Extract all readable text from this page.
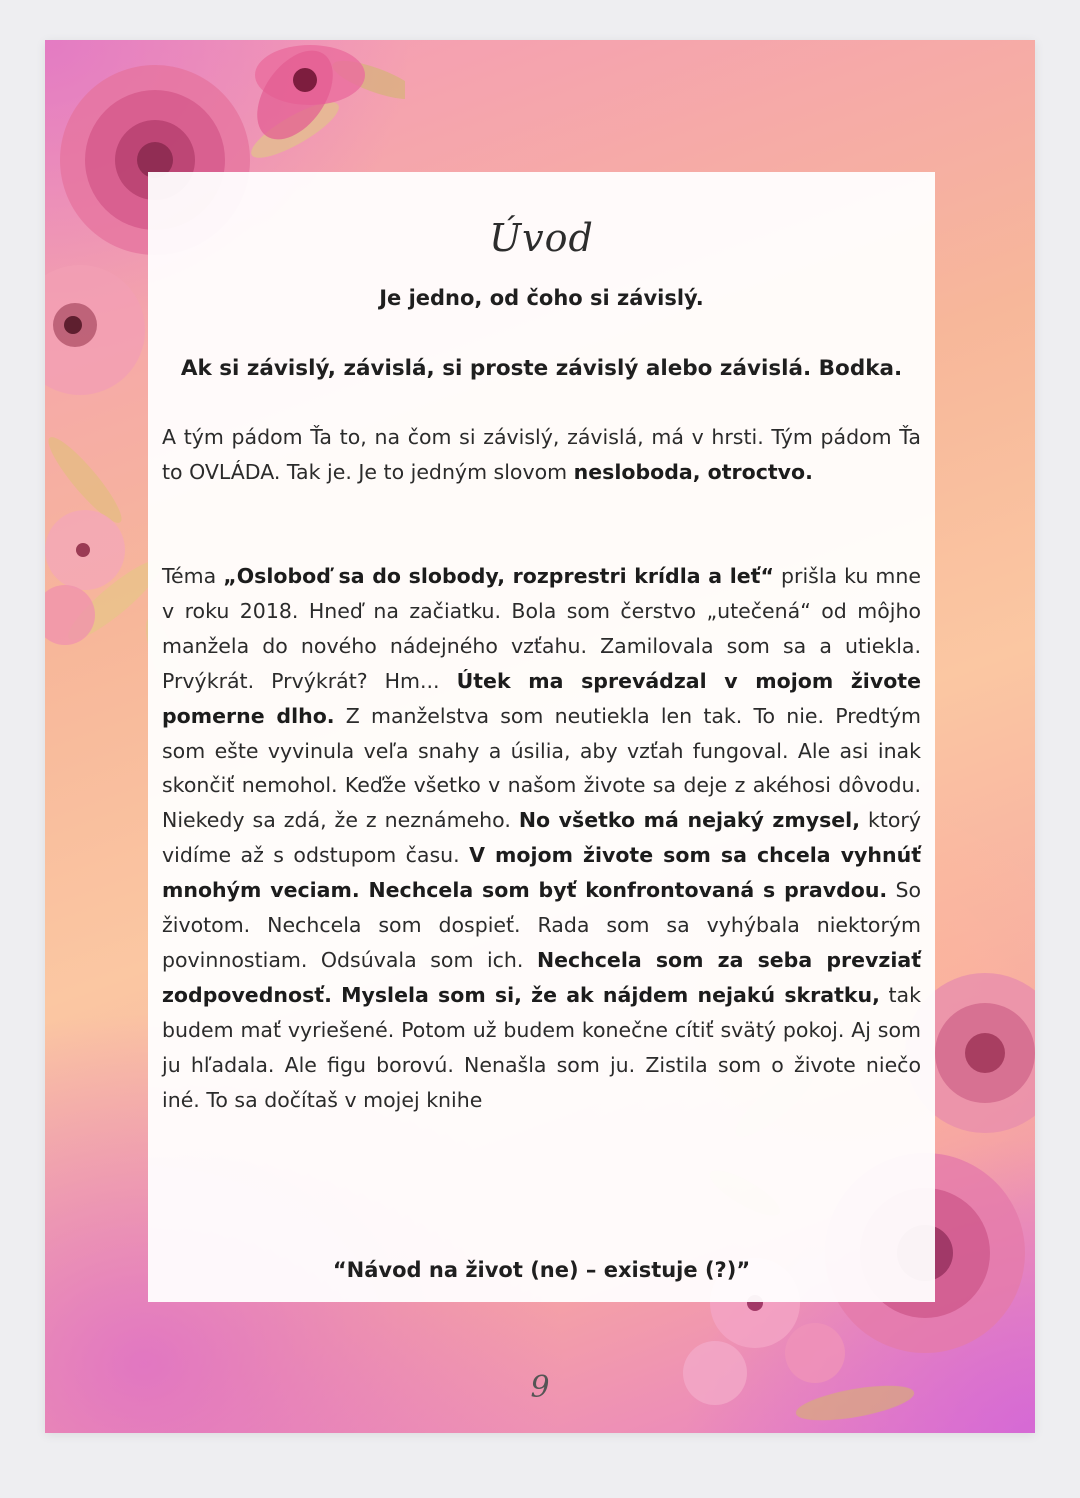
Úvod
Je jedno, od čoho si závislý.
Ak si závislý, závislá, si proste závislý alebo závislá. Bodka.
A tým pádom Ťa to, na čom si závislý, závislá, má v hrsti. Tým pádom Ťa to OVLÁDA. Tak je. Je to jedným slovom nesloboda, otroctvo.
Téma „Osloboď sa do slobody, rozprestri krídla a leť“ prišla ku mne v roku 2018. Hneď na začiatku. Bola som čerstvo „utečená“ od môjho manžela do nového nádejného vzťahu. Zamilovala som sa a utiekla. Prvýkrát. Prvýkrát? Hm... Útek ma sprevádzal v mojom živote pomerne dlho. Z manželstva som neutiekla len tak. To nie. Predtým som ešte vyvinula veľa snahy a úsilia, aby vzťah fungoval. Ale asi inak skončiť nemohol. Keďže všetko v našom živote sa deje z akéhosi dôvodu. Niekedy sa zdá, že z neznámeho. No všetko má nejaký zmysel, ktorý vidíme až s odstupom času. V mojom živote som sa chcela vyhnúť mnohým veciam. Nechcela som byť konfrontovaná s pravdou. So životom. Nechcela som dospieť. Rada som sa vyhýbala niektorým povinnostiam. Odsúvala som ich. Nechcela som za seba prevziať zodpovednosť. Myslela som si, že ak nájdem nejakú skratku, tak budem mať vyriešené. Potom už budem konečne cítiť svätý pokoj. Aj som ju hľadala. Ale figu borovú. Nenašla som ju. Zistila som o živote niečo iné. To sa dočítaš v mojej knihe
“Návod na život (ne) – existuje (?)”
9
